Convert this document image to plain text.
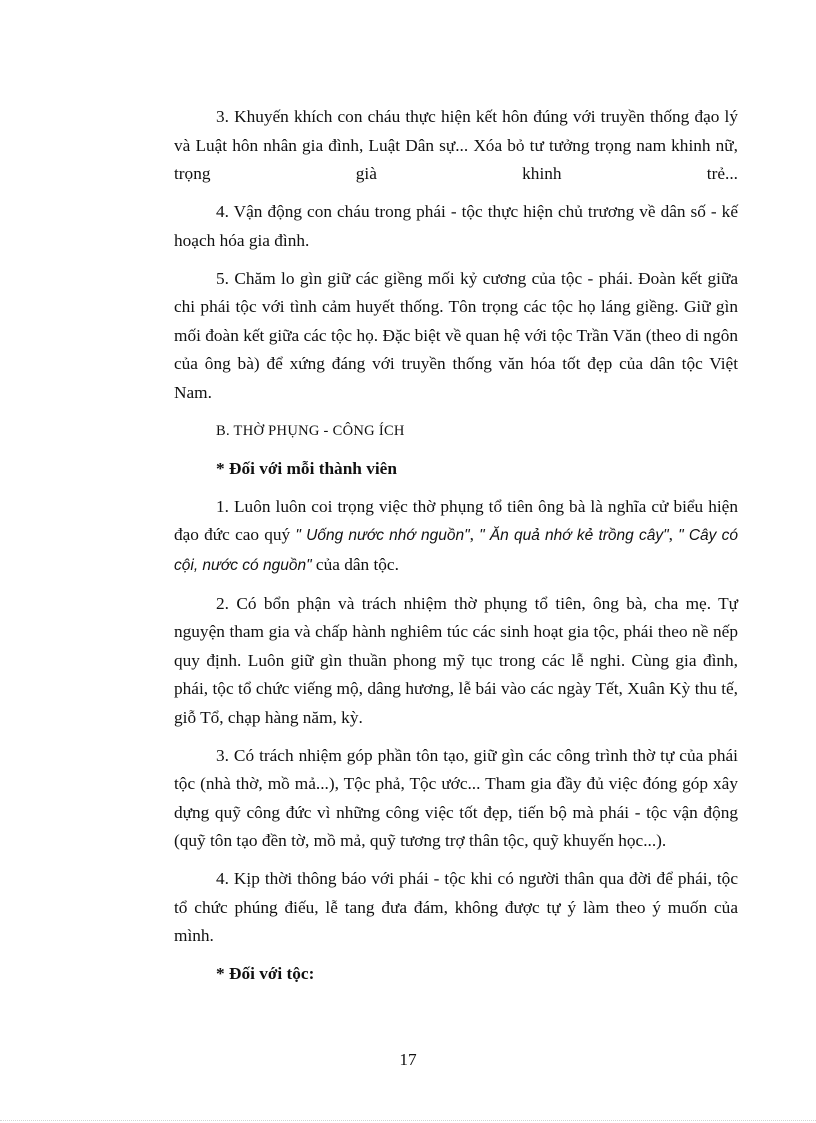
3. Khuyến khích con cháu thực hiện kết hôn đúng với truyền thống đạo lý và Luật hôn nhân gia đình, Luật Dân sự... Xóa bỏ tư tưởng trọng nam khinh nữ, trọng già khinh trẻ...

4. Vận động con cháu trong phái - tộc thực hiện chủ trương về dân số - kế hoạch hóa gia đình.

5. Chăm lo gìn giữ các giềng mối kỷ cương của tộc - phái. Đoàn kết giữa chi phái tộc với tình cảm huyết thống. Tôn trọng các tộc họ láng giềng. Giữ gìn mối đoàn kết giữa các tộc họ. Đặc biệt về quan hệ với tộc Trần Văn (theo di ngôn của ông bà) để xứng đáng với truyền thống văn hóa tốt đẹp của dân tộc Việt Nam.

B. THỜ PHỤNG - CÔNG ÍCH

* Đối với mỗi thành viên

1. Luôn luôn coi trọng việc thờ phụng tổ tiên ông bà là nghĩa cử biểu hiện đạo đức cao quý " Uống nước nhớ nguồn", " Ăn quả nhớ kẻ trồng cây", " Cây có cội, nước có nguồn" của dân tộc.

2. Có bổn phận và trách nhiệm thờ phụng tổ tiên, ông bà, cha mẹ. Tự nguyện tham gia và chấp hành nghiêm túc các sinh hoạt gia tộc, phái theo nề nếp quy định. Luôn giữ gìn thuần phong mỹ tục trong các lễ nghi. Cùng gia đình, phái, tộc tổ chức viếng mộ, dâng hương, lễ bái vào các ngày Tết, Xuân Kỳ thu tế, giỗ Tổ, chạp hàng năm, kỳ.

3. Có trách nhiệm góp phần tôn tạo, giữ gìn các công trình thờ tự của phái tộc (nhà thờ, mồ mả...), Tộc phả, Tộc ước... Tham gia đầy đủ việc đóng góp xây dựng quỹ công đức vì những công việc tốt đẹp, tiến bộ mà phái - tộc vận động (quỹ tôn tạo đền tờ, mồ mả, quỹ tương trợ thân tộc, quỹ khuyến học...).

4. Kịp thời thông báo với phái - tộc khi có người thân qua đời để phái, tộc tổ chức phúng điếu, lễ tang đưa đám, không được tự ý làm theo ý muốn của mình.

* Đối với tộc:

17
